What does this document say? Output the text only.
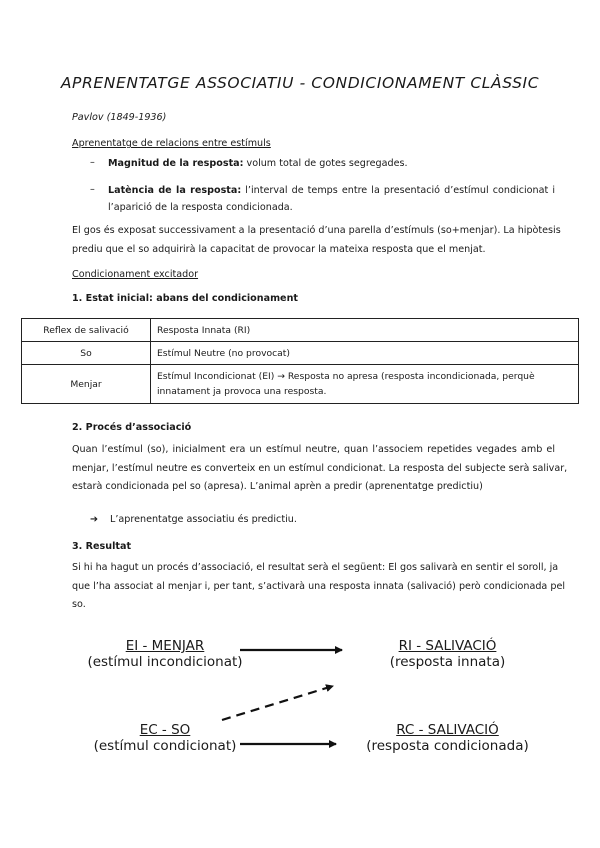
APRENENTATGE ASSOCIATIU - CONDICIONAMENT CLÀSSIC
Pavlov (1849-1936)
Aprenentatge de relacions entre estímuls
– Magnitud de la resposta: volum total de gotes segregades.
– Latència de la resposta: l’interval de temps entre la presentació d’estímul condicionat i
l’aparició de la resposta condicionada.
El gos és exposat successivament a la presentació d’una parella d’estímuls (so+menjar). La hipòtesis
prediu que el so adquirirà la capacitat de provocar la mateixa resposta que el menjat.
Condicionament excitador
1. Estat inicial: abans del condicionament
Reflex de salivació	Resposta Innata (RI)
So	Estímul Neutre (no provocat)
Menjar	Estímul Incondicionat (EI) → Resposta no apresa (resposta incondicionada, perquè
innatament ja provoca una resposta.
2. Procés d’associació
Quan l’estímul (so), inicialment era un estímul neutre, quan l’associem repetides vegades amb el
menjar, l’estímul neutre es converteix en un estímul condicionat. La resposta del subjecte serà salivar,
estarà condicionada pel so (apresa). L’animal aprèn a predir (aprenentatge predictiu)
➔ L’aprenentatge associatiu és predictiu.
3. Resultat
Si hi ha hagut un procés d’associació, el resultat serà el següent: El gos salivarà en sentir el soroll, ja
que l’ha associat al menjar i, per tant, s’activarà una resposta innata (salivació) però condicionada pel
so.
EI - MENJAR
(estímul incondicionat)
RI - SALIVACIÓ
(resposta innata)
EC - SO
(estímul condicionat)
RC - SALIVACIÓ
(resposta condicionada)
